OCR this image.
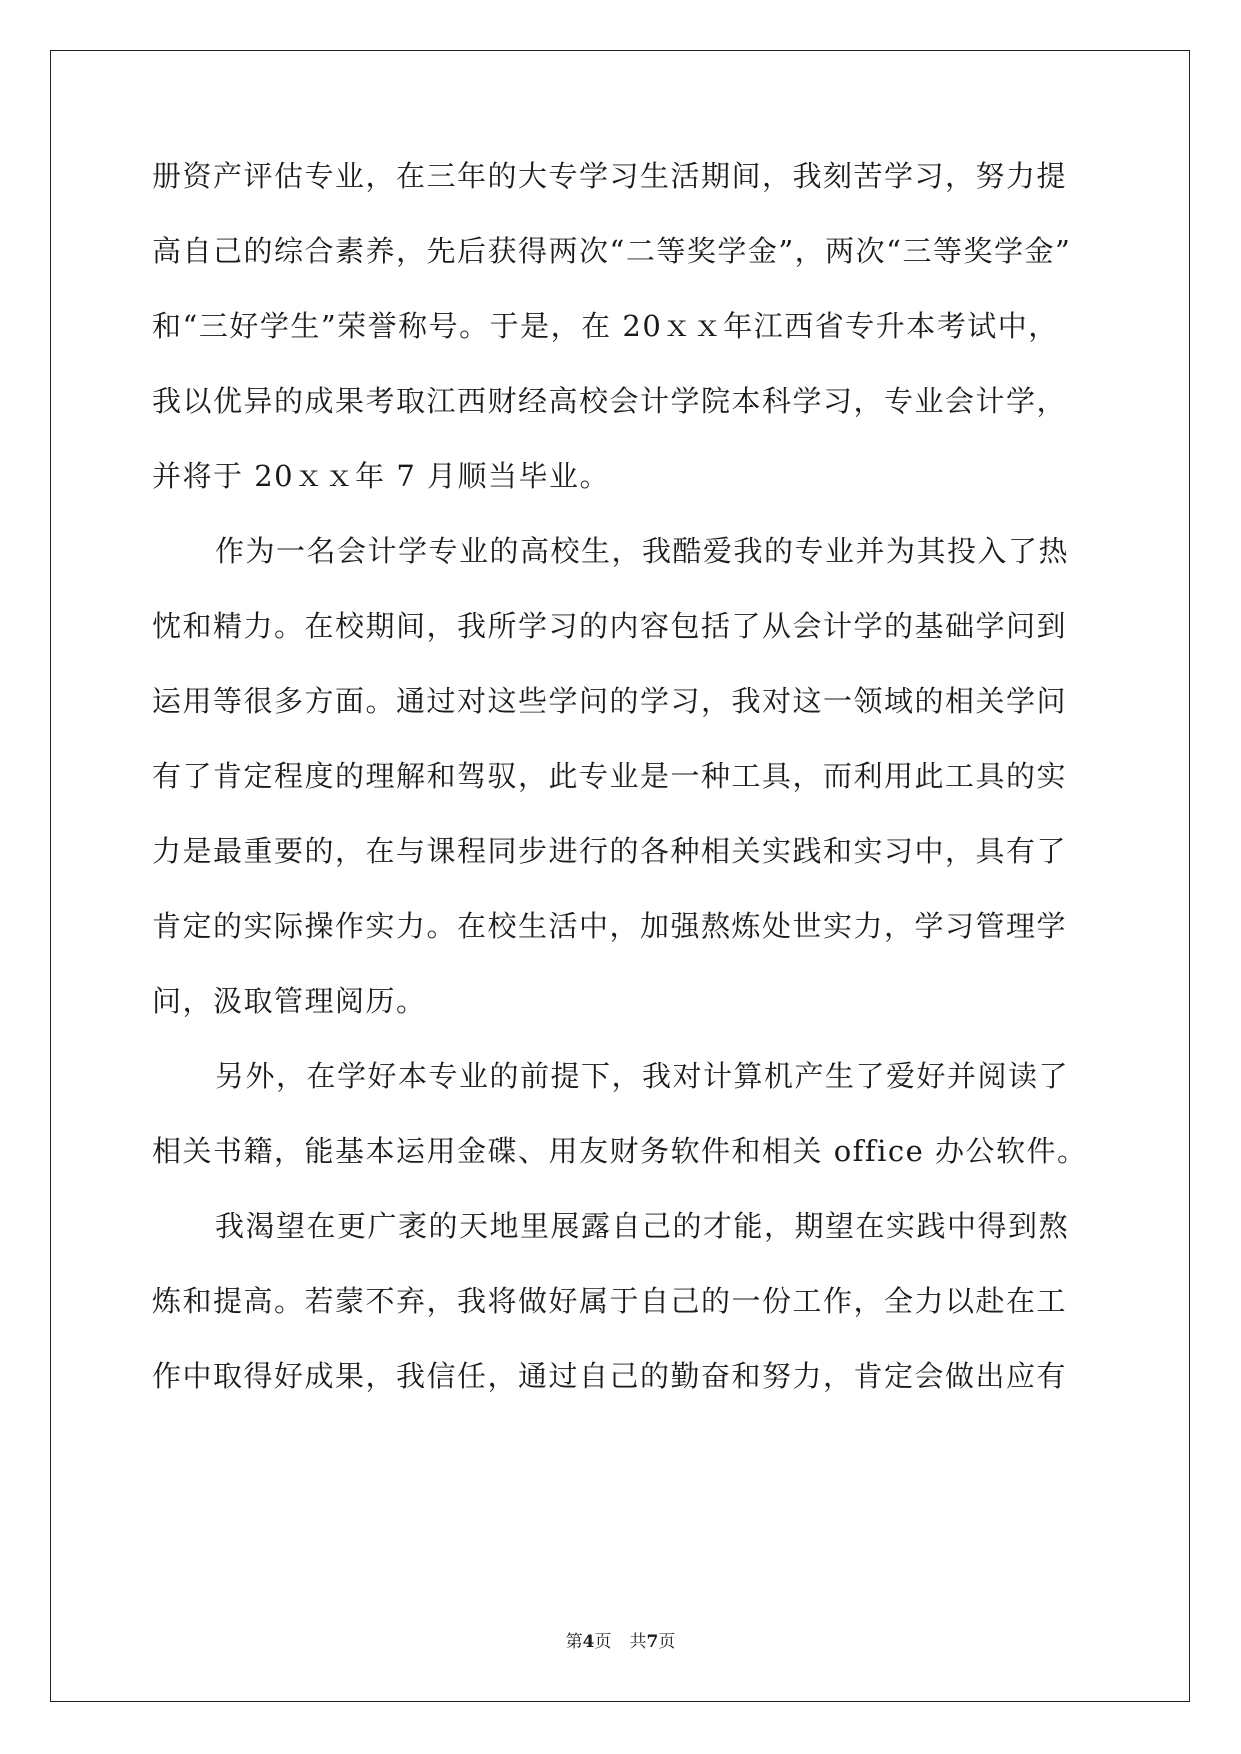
册资产评估专业，在三年的大专学习生活期间，我刻苦学习，努力提
高自己的综合素养，先后获得两次“二等奖学金”，两次“三等奖学金”
和“三好学生”荣誉称号。于是，在 20ｘｘ年江西省专升本考试中，
我以优异的成果考取江西财经高校会计学院本科学习，专业会计学，
并将于 20ｘｘ年 7 月顺当毕业。
作为一名会计学专业的高校生，我酷爱我的专业并为其投入了热
忱和精力。在校期间，我所学习的内容包括了从会计学的基础学问到
运用等很多方面。通过对这些学问的学习，我对这一领域的相关学问
有了肯定程度的理解和驾驭，此专业是一种工具，而利用此工具的实
力是最重要的，在与课程同步进行的各种相关实践和实习中，具有了
肯定的实际操作实力。在校生活中，加强熬炼处世实力，学习管理学
问，汲取管理阅历。
另外，在学好本专业的前提下，我对计算机产生了爱好并阅读了
相关书籍，能基本运用金碟、用友财务软件和相关 office 办公软件。
我渴望在更广袤的天地里展露自己的才能，期望在实践中得到熬
炼和提高。若蒙不弃，我将做好属于自己的一份工作，全力以赴在工
作中取得好成果，我信任，通过自己的勤奋和努力，肯定会做出应有
第4页 共7页
